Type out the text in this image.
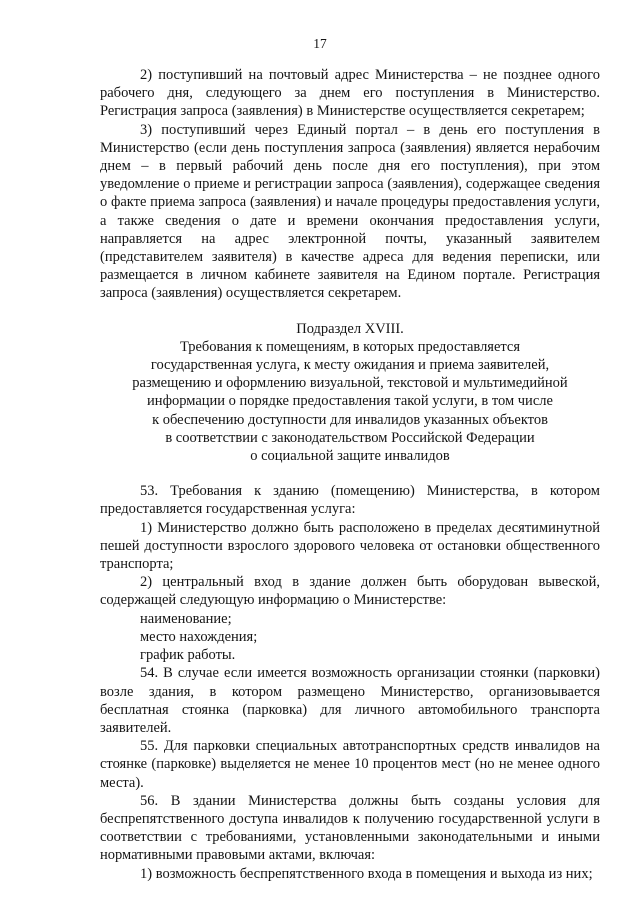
17

2) поступивший на почтовый адрес Министерства – не позднее одного рабочего дня, следующего за днем его поступления в Министерство. Регистрация запроса (заявления) в Министерстве осуществляется секретарем;

3) поступивший через Единый портал – в день его поступления в Министерство (если день поступления запроса (заявления) является нерабочим днем – в первый рабочий день после дня его поступления), при этом уведомление о приеме и регистрации запроса (заявления), содержащее сведения о факте приема запроса (заявления) и начале процедуры предоставления услуги, а также сведения о дате и времени окончания предоставления услуги, направляется на адрес электронной почты, указанный заявителем (представителем заявителя) в качестве адреса для ведения переписки, или размещается в личном кабинете заявителя на Едином портале. Регистрация запроса (заявления) осуществляется секретарем.

Подраздел XVIII.
Требования к помещениям, в которых предоставляется
государственная услуга, к месту ожидания и приема заявителей,
размещению и оформлению визуальной, текстовой и мультимедийной
информации о порядке предоставления такой услуги, в том числе
к обеспечению доступности для инвалидов указанных объектов
в соответствии с законодательством Российской Федерации
о социальной защите инвалидов

53. Требования к зданию (помещению) Министерства, в котором предоставляется государственная услуга:

1) Министерство должно быть расположено в пределах десятиминутной пешей доступности взрослого здорового человека от остановки общественного транспорта;

2) центральный вход в здание должен быть оборудован вывеской, содержащей следующую информацию о Министерстве:

наименование;

место нахождения;

график работы.

54. В случае если имеется возможность организации стоянки (парковки) возле здания, в котором размещено Министерство, организовывается бесплатная стоянка (парковка) для личного автомобильного транспорта заявителей.

55. Для парковки специальных автотранспортных средств инвалидов на стоянке (парковке) выделяется не менее 10 процентов мест (но не менее одного места).

56. В здании Министерства должны быть созданы условия для беспрепятственного доступа инвалидов к получению государственной услуги в соответствии с требованиями, установленными законодательными и иными нормативными правовыми актами, включая:

1) возможность беспрепятственного входа в помещения и выхода из них;
